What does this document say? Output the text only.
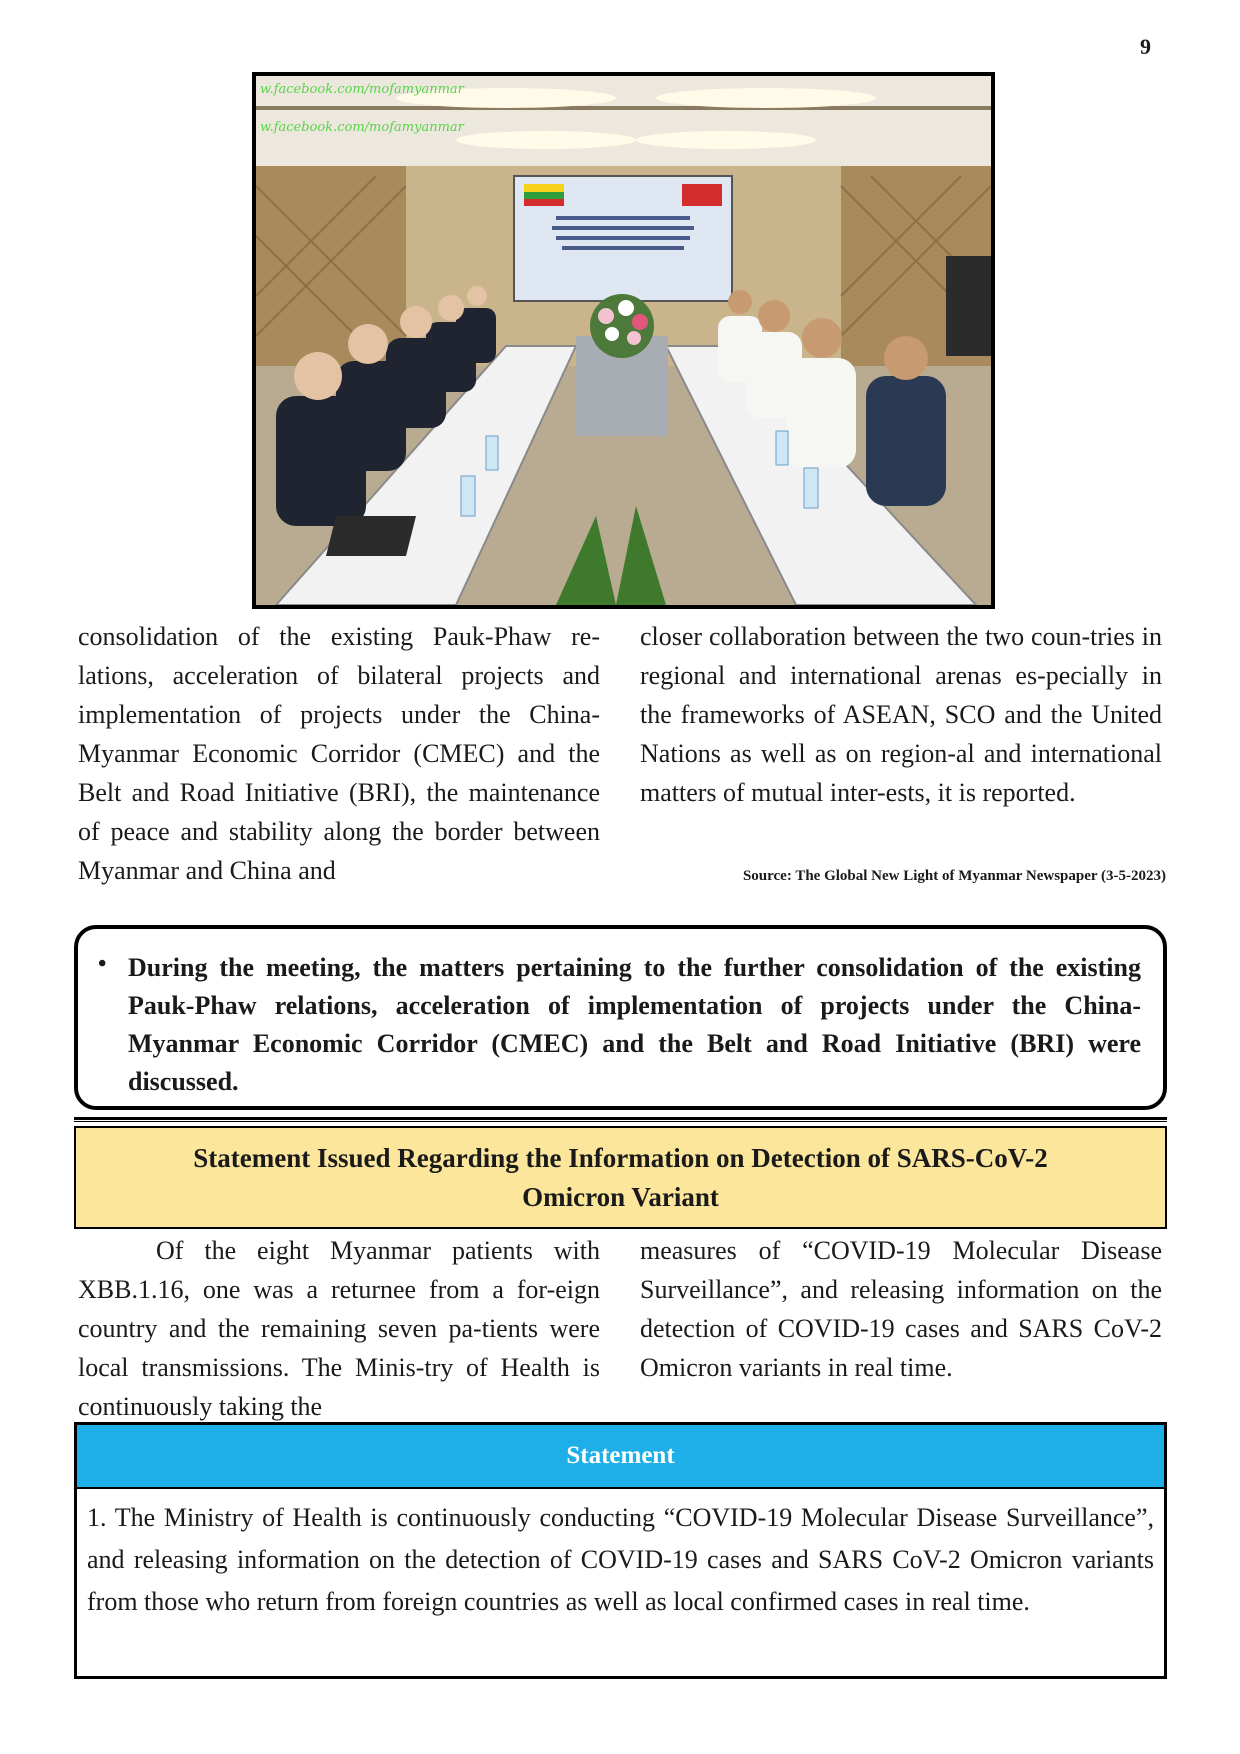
9
w.facebook.com/mofamyanmar
w.facebook.com/mofamyanmar

consolidation of the existing Pauk-Phaw re-lations, acceleration of bilateral projects and implementation of projects under the China-Myanmar Economic Corridor (CMEC) and the Belt and Road Initiative (BRI), the maintenance of peace and stability along the border between Myanmar and China and

closer collaboration between the two coun-tries in regional and international arenas es-pecially in the frameworks of ASEAN, SCO and the United Nations as well as on region-al and international matters of mutual inter-ests, it is reported.

Source: The Global New Light of Myanmar Newspaper (3-5-2023)
• During the meeting, the matters pertaining to the further consolidation of the existing Pauk-Phaw relations, acceleration of implementation of projects under the China-Myanmar Economic Corridor (CMEC) and the Belt and Road Initiative (BRI) were discussed.

Statement Issued Regarding the Information on Detection of SARS-CoV-2
Omicron Variant

Of the eight Myanmar patients with XBB.1.16, one was a returnee from a for-eign country and the remaining seven pa-tients were local transmissions. The Minis-try of Health is continuously taking the

measures of “COVID-19 Molecular Disease Surveillance”, and releasing information on the detection of COVID-19 cases and SARS CoV-2 Omicron variants in real time.

Statement

1. The Ministry of Health is continuously conducting “COVID-19 Molecular Disease Surveillance”, and releasing information on the detection of COVID-19 cases and SARS CoV-2 Omicron variants from those who return from foreign countries as well as local confirmed cases in real time.
